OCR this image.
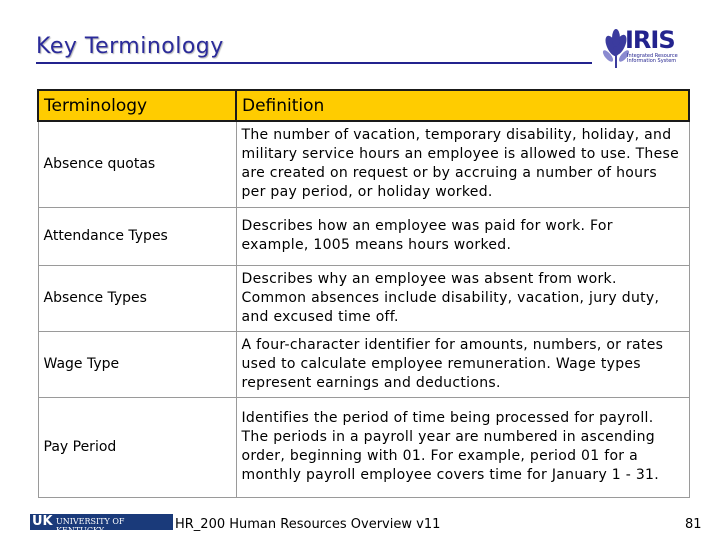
Key Terminology	IRIS
Integrated Resource Information System
Terminology	Definition
Absence quotas	The number of vacation, temporary disability, holiday, and military service hours an employee is allowed to use. These are created on request or by accruing a number of hours per pay period, or holiday worked.
Attendance Types	Describes how an employee was paid for work. For example, 1005 means hours worked.
Absence Types	Describes why an employee was absent from work. Common absences include disability, vacation, jury duty, and excused time off.
Wage Type	A four-character identifier for amounts, numbers, or rates used to calculate employee remuneration. Wage types represent earnings and deductions.
Pay Period	Identifies the period of time being processed for payroll. The periods in a payroll year are numbered in ascending order, beginning with 01. For example, period 01 for a monthly payroll employee covers time for January 1 - 31.
UK UNIVERSITY OF KENTUCKY	HR_200 Human Resources Overview v11	81
